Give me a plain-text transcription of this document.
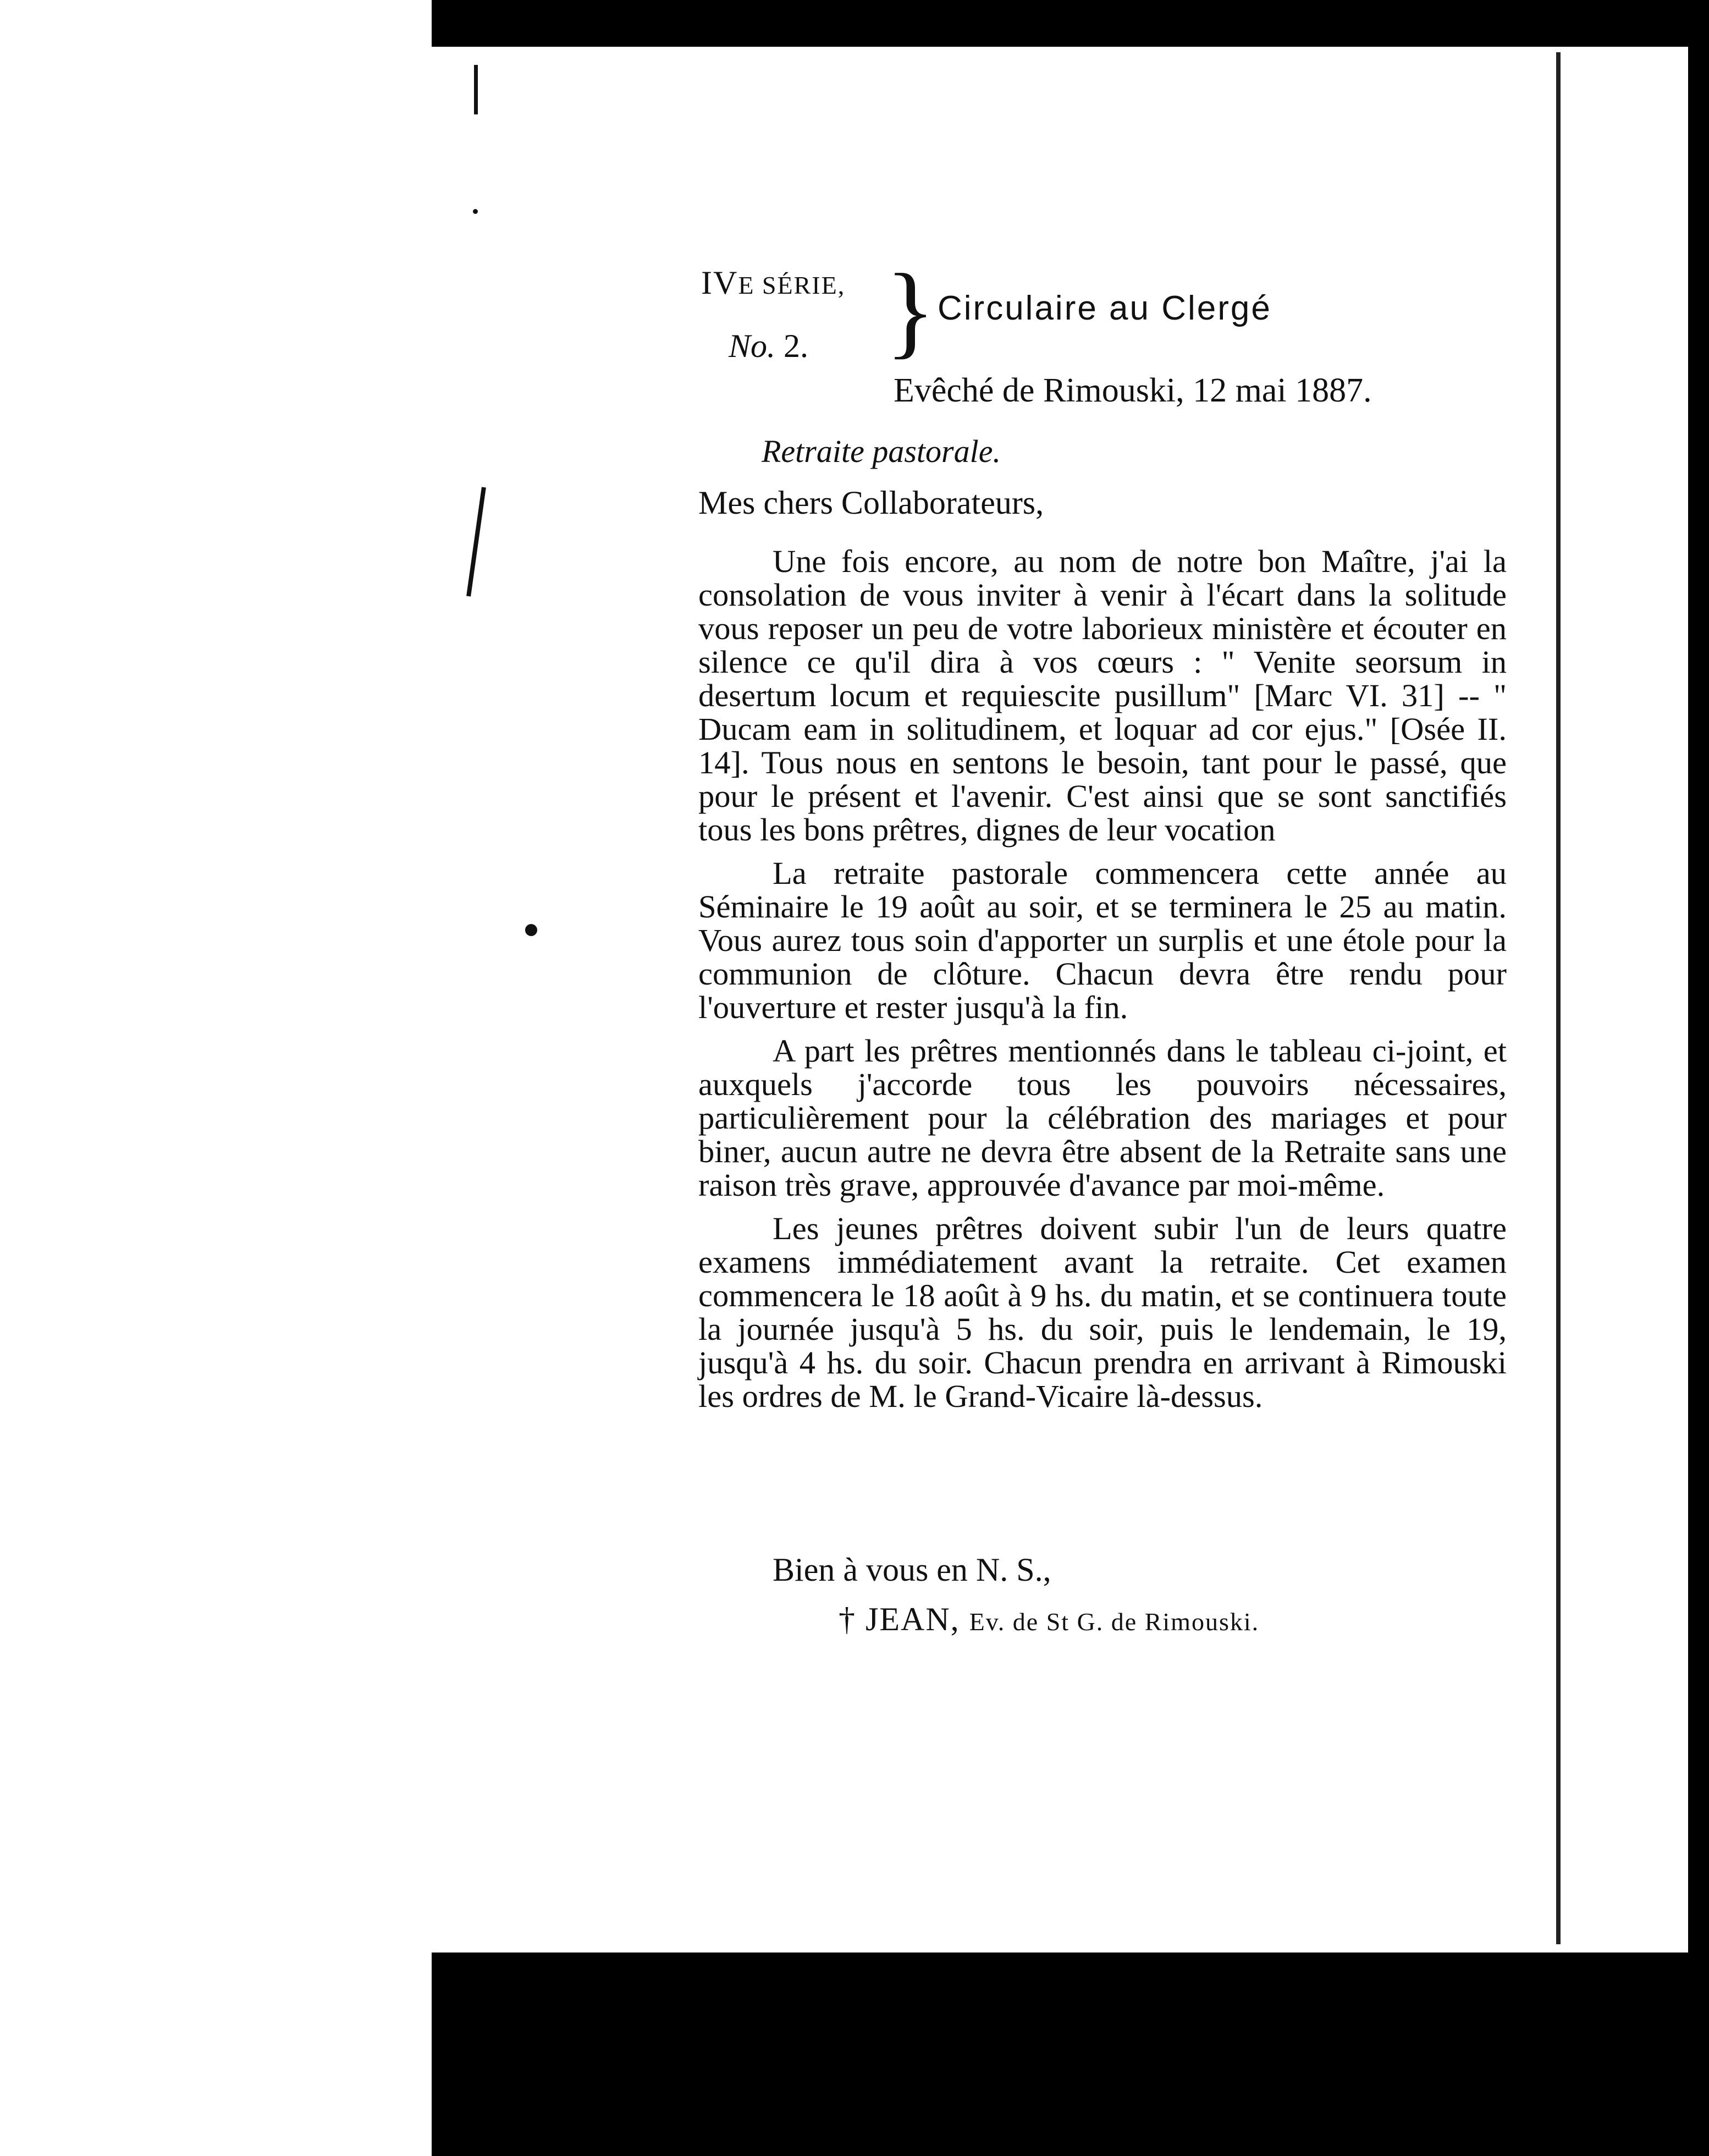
IVE SÉRIE,
No. 2. } Circulaire au Clergé
Evêché de Rimouski, 12 mai 1887.
Retraite pastorale.
Mes chers Collaborateurs,

Une fois encore, au nom de notre bon Maître, j'ai la consolation de vous inviter à venir à l'écart dans la solitude vous reposer un peu de votre laborieux ministère et écouter en silence ce qu'il dira à vos cœurs : " Venite seorsum in desertum locum et requiescite pusillum" [Marc VI. 31] -- " Ducam eam in solitudinem, et loquar ad cor ejus." [Osée II. 14]. Tous nous en sentons le besoin, tant pour le passé, que pour le présent et l'avenir. C'est ainsi que se sont sanctifiés tous les bons prêtres, dignes de leur vocation

La retraite pastorale commencera cette année au Séminaire le 19 août au soir, et se terminera le 25 au matin. Vous aurez tous soin d'apporter un surplis et une étole pour la communion de clôture. Chacun devra être rendu pour l'ouverture et rester jusqu'à la fin.

A part les prêtres mentionnés dans le tableau ci-joint, et auxquels j'accorde tous les pouvoirs nécessaires, particulièrement pour la célébration des mariages et pour biner, aucun autre ne devra être absent de la Retraite sans une raison très grave, approuvée d'avance par moi-même.

Les jeunes prêtres doivent subir l'un de leurs quatre examens immédiatement avant la retraite. Cet examen commencera le 18 août à 9 hs. du matin, et se continuera toute la journée jusqu'à 5 hs. du soir, puis le lendemain, le 19, jusqu'à 4 hs. du soir. Chacun prendra en arrivant à Rimouski les ordres de M. le Grand-Vicaire là-dessus.

Bien à vous en N. S.,
† JEAN, Ev. de St G. de Rimouski.
